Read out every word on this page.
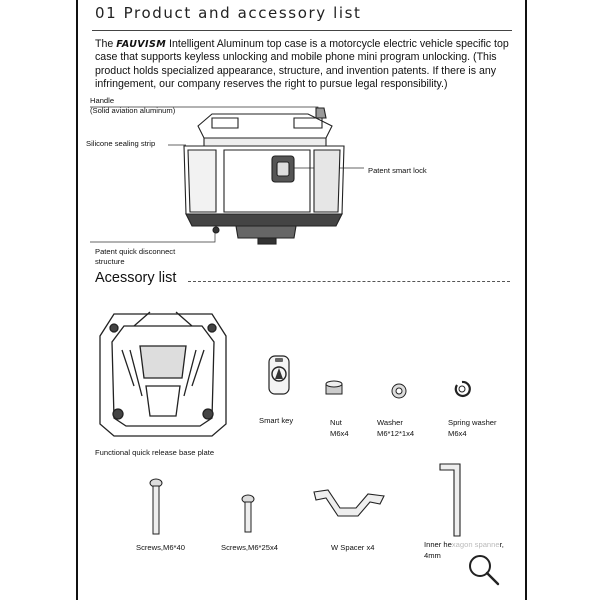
01 Product and accessory list
The FAUVISM Intelligent Aluminum top case is a motorcycle electric vehicle specific top
case that supports keyless unlocking and mobile phone mini program unlocking. (This
product holds specialized appearance, structure, and invention patents. If there is any
infringement, our company reserves the right to pursue legal responsibility.)
Handle
(Solid aviation aluminum)
Silicone sealing strip
Patent smart lock
Patent quick disconnect
structure
Acessory list
Functional quick release base plate
Smart key	Nut
M6x4
Washer
M6*12*1x4
Spring washer
M6x4
Screws,M6*40	Screws,M6*25x4	W Spacer x4	Inner hexagon spanner,
4mm
